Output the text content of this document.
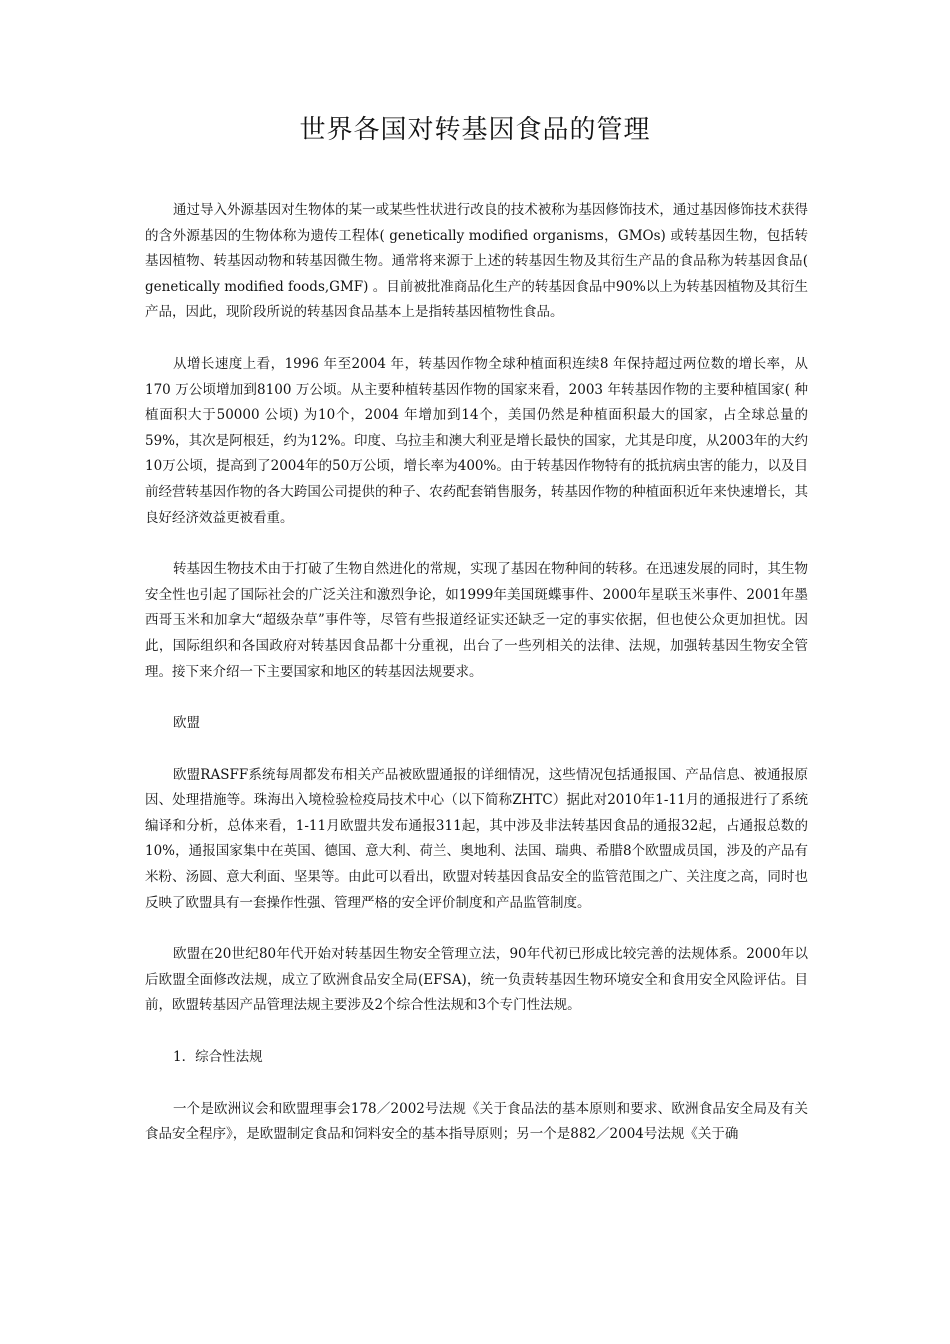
世界各国对转基因食品的管理

通过导入外源基因对生物体的某一或某些性状进行改良的技术被称为基因修饰技术，通过基因修饰技术获得的含外源基因的生物体称为遗传工程体( genetically modified organisms，GMOs) 或转基因生物，包括转基因植物、转基因动物和转基因微生物。通常将来源于上述的转基因生物及其衍生产品的食品称为转基因食品( genetically modified foods,GMF) 。目前被批准商品化生产的转基因食品中90%以上为转基因植物及其衍生产品，因此，现阶段所说的转基因食品基本上是指转基因植物性食品。

从增长速度上看，1996 年至2004 年，转基因作物全球种植面积连续8 年保持超过两位数的增长率，从170 万公顷增加到8100 万公顷。从主要种植转基因作物的国家来看，2003 年转基因作物的主要种植国家( 种植面积大于50000 公顷) 为10个，2004 年增加到14个，美国仍然是种植面积最大的国家，占全球总量的59%，其次是阿根廷，约为12%。印度、乌拉圭和澳大利亚是增长最快的国家，尤其是印度，从2003年的大约10万公顷，提高到了2004年的50万公顷，增长率为400%。由于转基因作物特有的抵抗病虫害的能力，以及目前经营转基因作物的各大跨国公司提供的种子、农药配套销售服务，转基因作物的种植面积近年来快速增长，其良好经济效益更被看重。

转基因生物技术由于打破了生物自然进化的常规，实现了基因在物种间的转移。在迅速发展的同时，其生物安全性也引起了国际社会的广泛关注和激烈争论，如1999年美国斑蝶事件、2000年星联玉米事件、2001年墨西哥玉米和加拿大“超级杂草”事件等，尽管有些报道经证实还缺乏一定的事实依据，但也使公众更加担忧。因此，国际组织和各国政府对转基因食品都十分重视，出台了一些列相关的法律、法规，加强转基因生物安全管理。接下来介绍一下主要国家和地区的转基因法规要求。

欧盟

欧盟RASFF系统每周都发布相关产品被欧盟通报的详细情况，这些情况包括通报国、产品信息、被通报原因、处理措施等。珠海出入境检验检疫局技术中心（以下简称ZHTC）据此对2010年1-11月的通报进行了系统编译和分析，总体来看，1-11月欧盟共发布通报311起，其中涉及非法转基因食品的通报32起，占通报总数的10%，通报国家集中在英国、德国、意大利、荷兰、奥地利、法国、瑞典、希腊8个欧盟成员国，涉及的产品有米粉、汤圆、意大利面、坚果等。由此可以看出，欧盟对转基因食品安全的监管范围之广、关注度之高，同时也反映了欧盟具有一套操作性强、管理严格的安全评价制度和产品监管制度。

欧盟在20世纪80年代开始对转基因生物安全管理立法，90年代初已形成比较完善的法规体系。2000年以后欧盟全面修改法规，成立了欧洲食品安全局(EFSA)，统一负责转基因生物环境安全和食用安全风险评估。目前，欧盟转基因产品管理法规主要涉及2个综合性法规和3个专门性法规。

1．综合性法规

一个是欧洲议会和欧盟理事会178／2002号法规《关于食品法的基本原则和要求、欧洲食品安全局及有关食品安全程序》，是欧盟制定食品和饲料安全的基本指导原则；另一个是882／2004号法规《关于确
